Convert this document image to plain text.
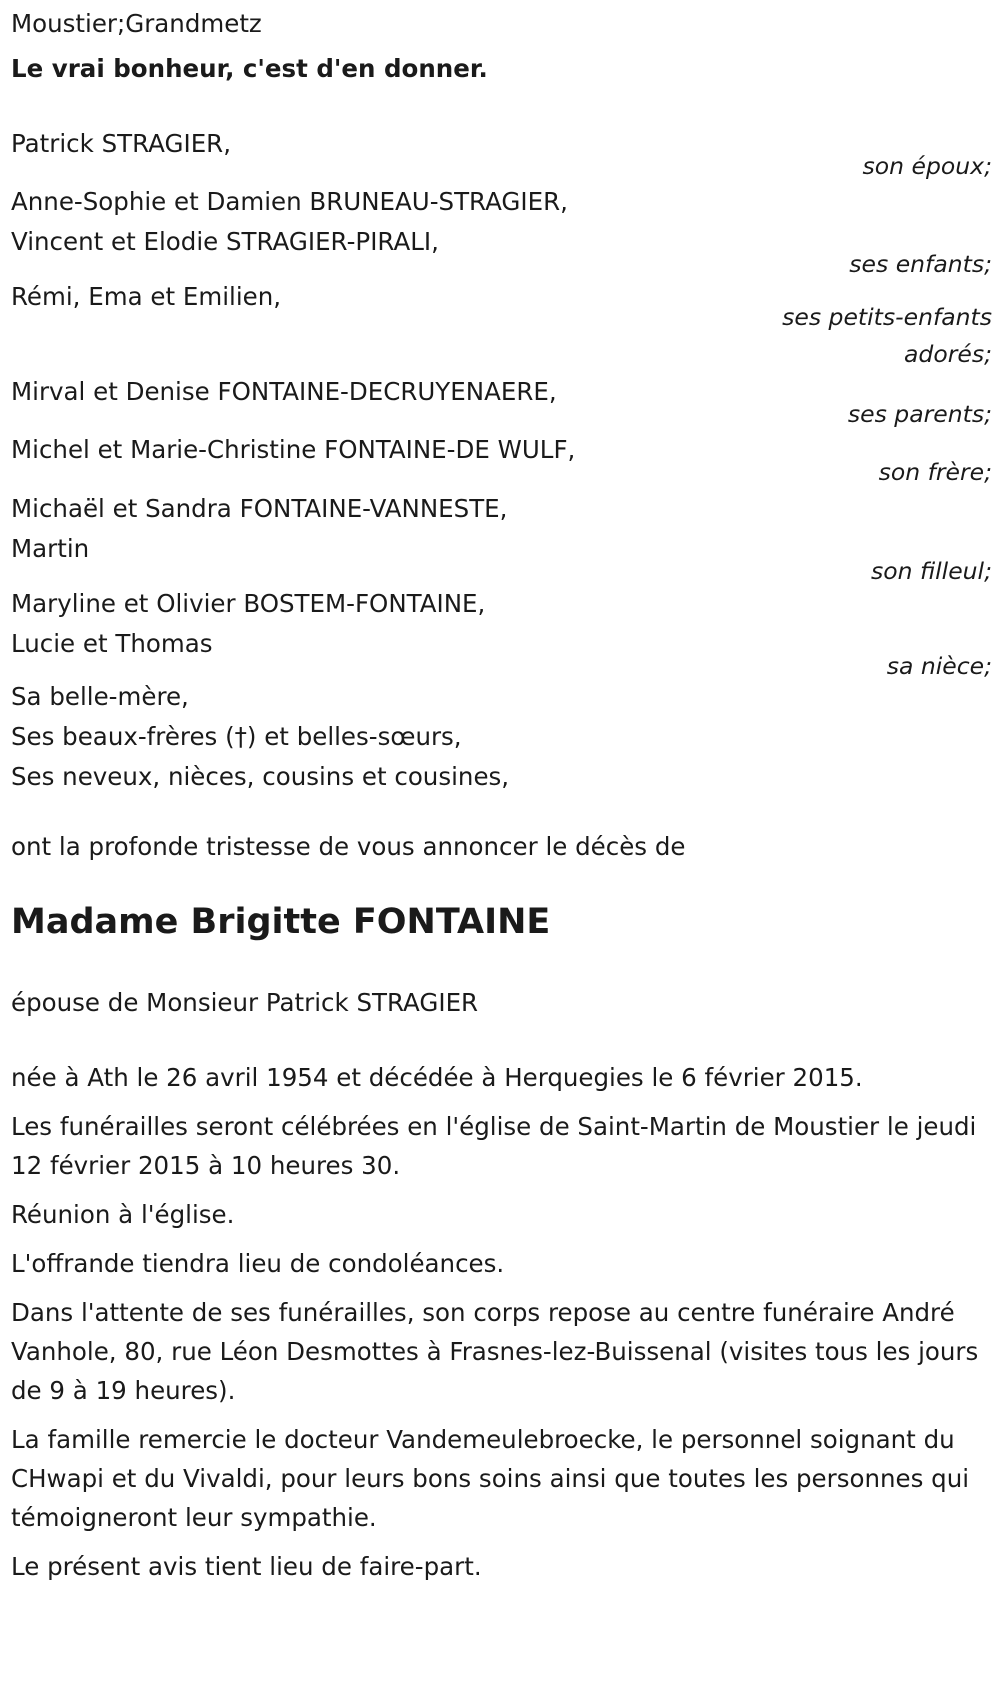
Moustier;Grandmetz
Le vrai bonheur, c'est d'en donner.
Patrick STRAGIER,
son époux;
Anne-Sophie et Damien BRUNEAU-STRAGIER,
Vincent et Elodie STRAGIER-PIRALI,
ses enfants;
Rémi, Ema et Emilien,
ses petits-enfants adorés;
Mirval et Denise FONTAINE-DECRUYENAERE,
ses parents;
Michel et Marie-Christine FONTAINE-DE WULF,
son frère;
Michaël et Sandra FONTAINE-VANNESTE,
Martin
son filleul;
Maryline et Olivier BOSTEM-FONTAINE,
Lucie et Thomas
sa nièce;
Sa belle-mère,
Ses beaux-frères (†) et belles-sœurs,
Ses neveux, nièces, cousins et cousines,
ont la profonde tristesse de vous annoncer le décès de
Madame Brigitte FONTAINE
épouse de Monsieur Patrick STRAGIER

née à Ath le 26 avril 1954 et décédée à Herquegies le 6 février 2015.

Les funérailles seront célébrées en l'église de Saint-Martin de Moustier le jeudi 12 février 2015 à 10 heures 30.

Réunion à l'église.

L'offrande tiendra lieu de condoléances.

Dans l'attente de ses funérailles, son corps repose au centre funéraire André Vanhole, 80, rue Léon Desmottes à Frasnes-lez-Buissenal (visites tous les jours de 9 à 19 heures).

La famille remercie le docteur Vandemeulebroecke, le personnel soignant du CHwapi et du Vivaldi, pour leurs bons soins ainsi que toutes les personnes qui témoigneront leur sympathie.

Le présent avis tient lieu de faire-part.
